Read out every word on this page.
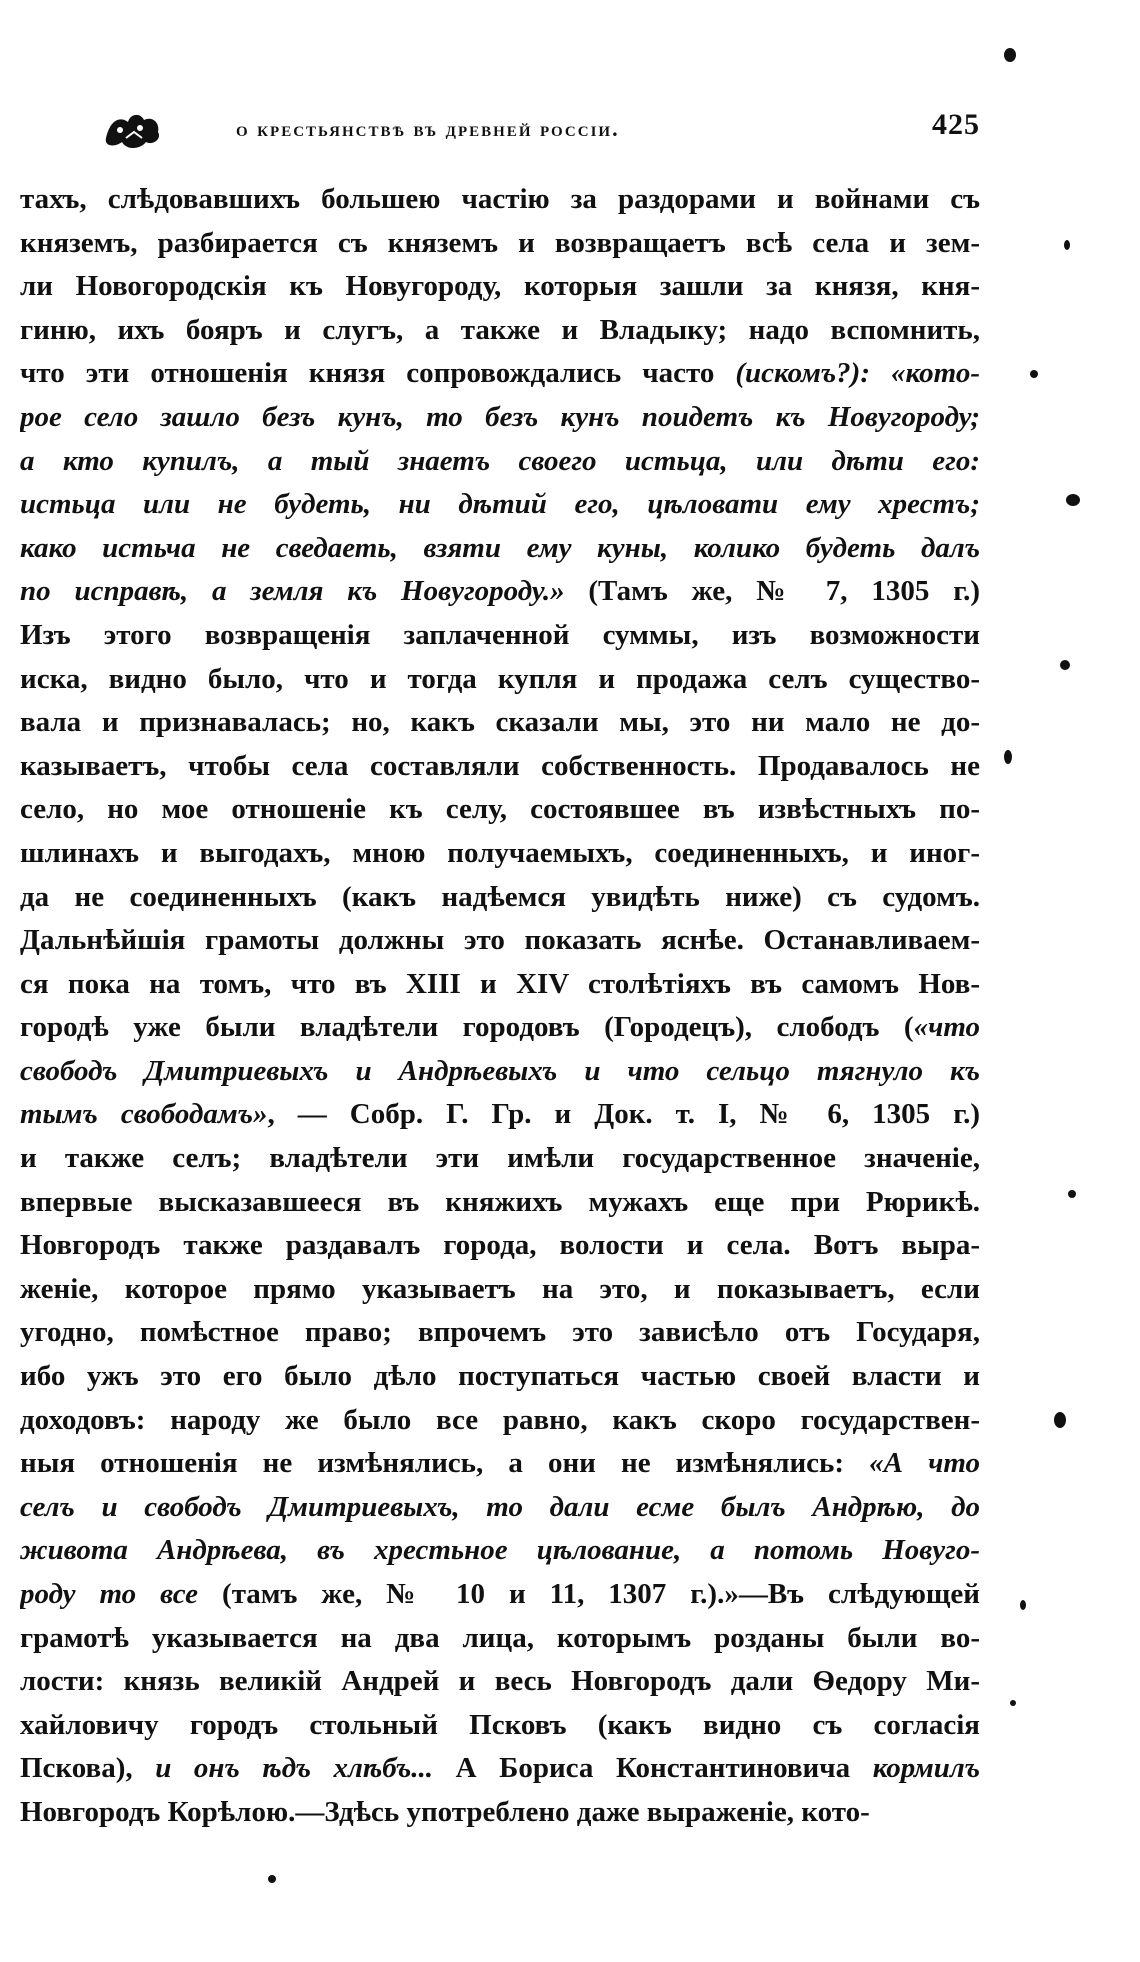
о крестьянствѣ въ древней россіи.	425
тахъ, слѣдовавшихъ большею частію за раздорами и войнами съ
княземъ, разбирается съ княземъ и возвращаетъ всѣ села и зем-
ли Новогородскія къ Новугороду, которыя зашли за князя, кня-
гиню, ихъ бояръ и слугъ, а также и Владыку; надо вспомнить,
что эти отношенія князя сопровождались часто (искомъ?): «кото-
рое село зашло безъ кунъ, то безъ кунъ поидетъ къ Новугороду;
а кто купилъ, а тый знаетъ своего истьца, или дѣти его:
истьца или не будеть, ни дѣтий его, цѣловати ему хрестъ;
како истьча не сведаеть, взяти ему куны, колико будеть далъ
по исправѣ, а земля къ Новугороду.» (Тамъ же, № 7, 1305 г.)
Изъ этого возвращенія заплаченной суммы, изъ возможности
иска, видно было, что и тогда купля и продажа селъ существо-
вала и признавалась; но, какъ сказали мы, это ни мало не до-
казываетъ, чтобы села составляли собственность. Продавалось не
село, но мое отношеніе къ селу, состоявшее въ извѣстныхъ по-
шлинахъ и выгодахъ, мною получаемыхъ, соединенныхъ, и иног-
да не соединенныхъ (какъ надѣемся увидѣть ниже) съ судомъ.
Дальнѣйшія грамоты должны это показать яснѣе. Останавливаем-
ся пока на томъ, что въ XIII и XIV столѣтіяхъ въ самомъ Нов-
городѣ уже были владѣтели городовъ (Городецъ), слободъ («что
свободъ Дмитриевыхъ и Андрѣевыхъ и что сельцо тягнуло къ
тымъ свободамъ», — Собр. Г. Гр. и Док. т. I, № 6, 1305 г.)
и также селъ; владѣтели эти имѣли государственное значеніе,
впервые высказавшееся въ княжихъ мужахъ еще при Рюрикѣ.
Новгородъ также раздавалъ города, волости и села. Вотъ выра-
женіе, которое прямо указываетъ на это, и показываетъ, если
угодно, помѣстное право; впрочемъ это зависѣло отъ Государя,
ибо ужъ это его было дѣло поступаться частью своей власти и
доходовъ: народу же было все равно, какъ скоро государствен-
ныя отношенія не измѣнялись, а они не измѣнялись: «А что
селъ и свободъ Дмитриевыхъ, то дали есме былъ Андрѣю, до
живота Андрѣева, въ хрестьное цѣлование, а потомь Новуго-
роду то все (тамъ же, № 10 и 11, 1307 г.).»—Въ слѣдующей
грамотѣ указывается на два лица, которымъ розданы были во-
лости: князь великій Андрей и весь Новгородъ дали Ѳедору Ми-
хайловичу городъ стольный Псковъ (какъ видно съ согласія
Пскова), и онъ ѣдъ хлѣбъ... А Бориса Константиновича кормилъ
Новгородъ Корѣлою.—Здѣсь употреблено даже выраженіе, кото-
